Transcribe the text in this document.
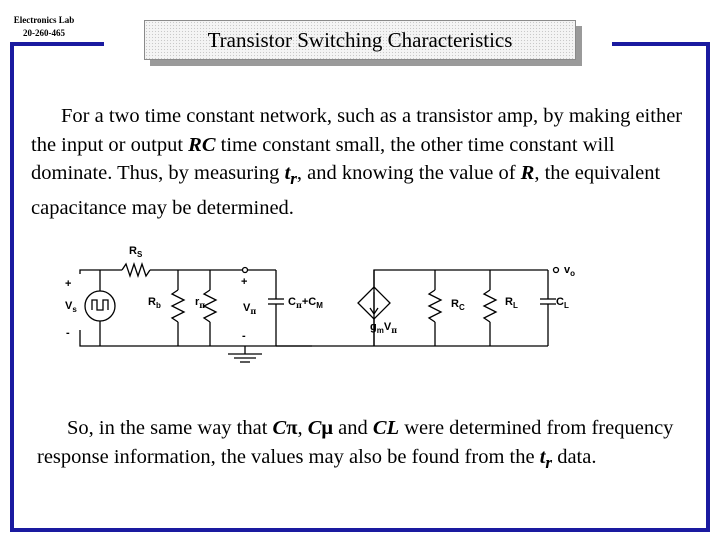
Electronics Lab
20-260-465	Transistor Switching Characteristics
For a two time constant network, such as a transistor amp, by making either the input or output RC time constant small, the other time constant will dominate. Thus, by measuring $t_r$, and knowing the value of R, the equivalent capacitance may be determined.
$R_S$
$V_s$
+
-
$R_b$	$r_\pi$
+
-
$V_\pi$
$C_\pi+C_M$
$g_mV_\pi$
$R_C$	$R_L$	$C_L$
$v_o$
So, in the same way that Cπ, Cμ and CL were determined from frequency response information, the values may also be found from the $t_r$ data.
